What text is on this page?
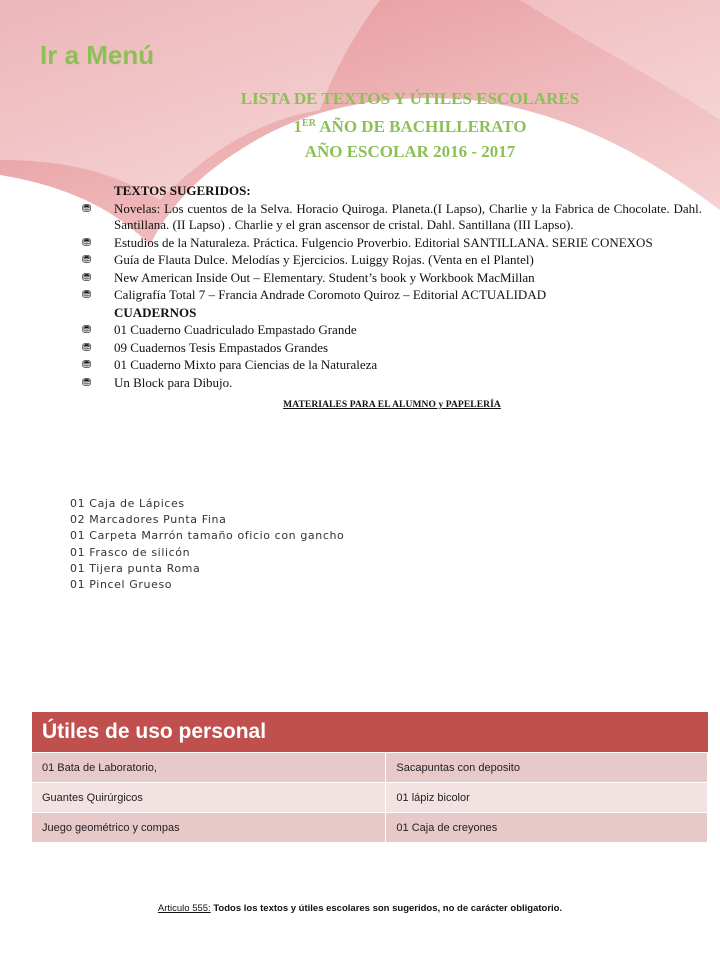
Ir a Menú
LISTA DE TEXTOS Y ÚTILES ESCOLARES
1ER AÑO DE BACHILLERATO
AÑO ESCOLAR 2016 - 2017
TEXTOS SUGERIDOS:
⛃	Novelas: Los cuentos de la Selva. Horacio Quiroga. Planeta.(I Lapso), Charlie y la Fabrica de Chocolate. Dahl. Santillana. (II Lapso) . Charlie y el gran ascensor de cristal. Dahl. Santillana (III Lapso).
⛃	Estudios de la Naturaleza. Práctica. Fulgencio Proverbio. Editorial SANTILLANA. SERIE CONEXOS
⛃	Guía de Flauta Dulce. Melodías y Ejercicios. Luiggy Rojas. (Venta en el Plantel)
⛃	New American Inside Out – Elementary. Student’s book y Workbook MacMillan
⛃	Caligrafía Total 7 – Francia Andrade Coromoto Quiroz – Editorial ACTUALIDAD
CUADERNOS
⛃	01 Cuaderno Cuadriculado Empastado Grande
⛃	09 Cuadernos Tesis Empastados Grandes
⛃	01 Cuaderno Mixto para Ciencias de la Naturaleza
⛃	Un Block para Dibujo.
MATERIALES PARA EL ALUMNO y PAPELERÍA
01 Caja de Lápices
02 Marcadores Punta Fina
01 Carpeta Marrón tamaño oficio con gancho
01 Frasco de silicón
01 Tijera punta Roma
01 Pincel Grueso
Útiles de uso personal
01 Bata de Laboratorio,	Sacapuntas con deposito
Guantes Quirúrgicos	01 lápiz bicolor
Juego geométrico y compas	01 Caja de creyones
Articulo 555: Todos los textos y útiles escolares son sugeridos, no de carácter obligatorio.
